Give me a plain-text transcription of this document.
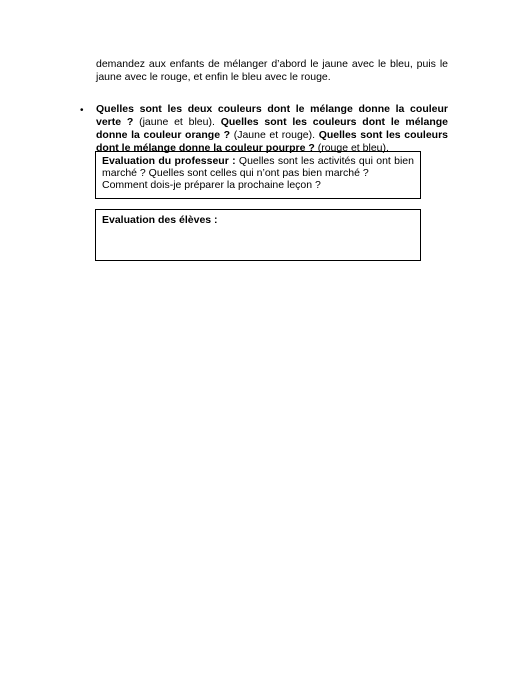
demandez aux enfants de mélanger d’abord le jaune avec le bleu, puis le jaune avec le rouge, et enfin le bleu avec le rouge.

• Quelles sont les deux couleurs dont le mélange donne la couleur verte ? (jaune et bleu). Quelles sont les couleurs dont le mélange donne la couleur orange ? (Jaune et rouge). Quelles sont les couleurs dont le mélange donne la couleur pourpre ? (rouge et bleu).
Evaluation du professeur : Quelles sont les activités qui ont bien
marché ? Quelles sont celles qui n’ont pas bien marché ?
Comment dois-je préparer la prochaine leçon ?
Evaluation des élèves :
